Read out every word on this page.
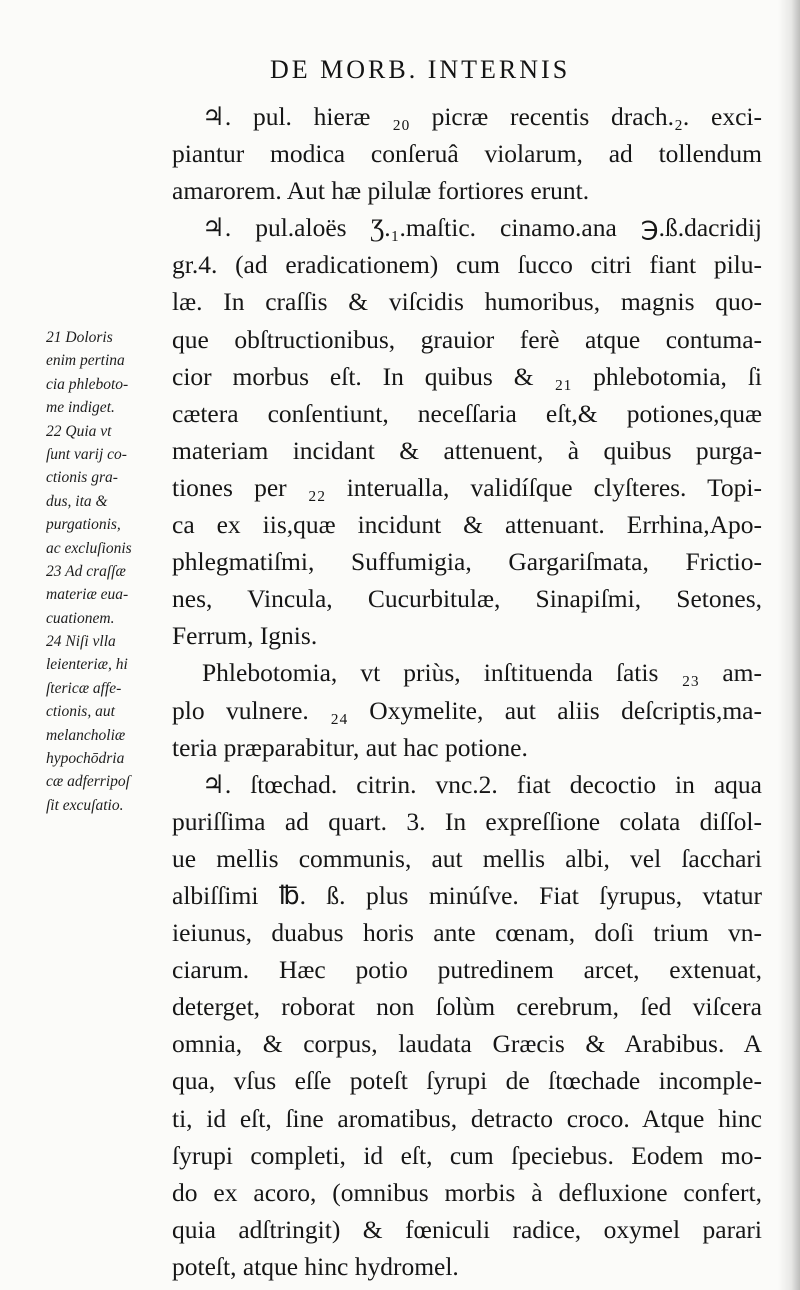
DE MORB. INTERNIS
♃. pul. hieræ ₂₀ picræ recentis drach.₂. exci-
piantur modica conſeruâ violarum, ad tollendum
amarorem. Aut hæ pilulæ fortiores erunt.
♃. pul.aloës Ʒ.₁.maſtic. cinamo.ana ℈.ß.dacridij
gr.4. (ad eradicationem) cum ſucco citri fiant pilu-
læ. In craſſis & viſcidis humoribus, magnis quo-
que obſtructionibus, grauior ferè atque contuma-
cior morbus eſt. In quibus & ₂₁ phlebotomia, ſi
cætera conſentiunt, neceſſaria eſt,& potiones,quæ
materiam incidant & attenuent, à quibus purga-
tiones per ₂₂ interualla, validíſque clyſteres. Topi-
ca ex iis,quæ incidunt & attenuant. Errhina,Apo-
phlegmatiſmi, Suffumigia, Gargariſmata, Frictio-
nes, Vincula, Cucurbitulæ, Sinapiſmi, Setones,
Ferrum, Ignis.
Phlebotomia, vt priùs, inſtituenda ſatis ₂₃ am-
plo vulnere. ₂₄ Oxymelite, aut aliis deſcriptis,ma-
teria præparabitur, aut hac potione.
♃. ſtœchad. citrin. vnc.2. fiat decoctio in aqua
puriſſima ad quart. 3. In expreſſione colata diſſol-
ue mellis communis, aut mellis albi, vel ſacchari
albiſſimi ℔. ß. plus minúſve. Fiat ſyrupus, vtatur
ieiunus, duabus horis ante cœnam, doſi trium vn-
ciarum. Hæc potio putredinem arcet, extenuat,
deterget, roborat non ſolùm cerebrum, ſed viſcera
omnia, & corpus, laudata Græcis & Arabibus. A
qua, vſus eſſe poteſt ſyrupi de ſtœchade incomple-
ti, id eſt, ſine aromatibus, detracto croco. Atque hinc
ſyrupi completi, id eſt, cum ſpeciebus. Eodem mo-
do ex acoro, (omnibus morbis à defluxione confert,
quia adſtringit) & fœniculi radice, oxymel parari
poteſt, atque hinc hydromel.
21 Doloris
enim pertina
cia phleboto-
me indiget.
22 Quia vt
ſunt varij co-
ctionis gra-
dus, ita &
purgationis,
ac excluſionis
23 Ad craſſæ
materiæ eua-
cuationem.
24 Niſi vlla
leienteriæ, hi
ſtericæ affe-
ctionis, aut
melancholiæ
hypochōdria
cæ adferripoſ
ſit excuſatio.
